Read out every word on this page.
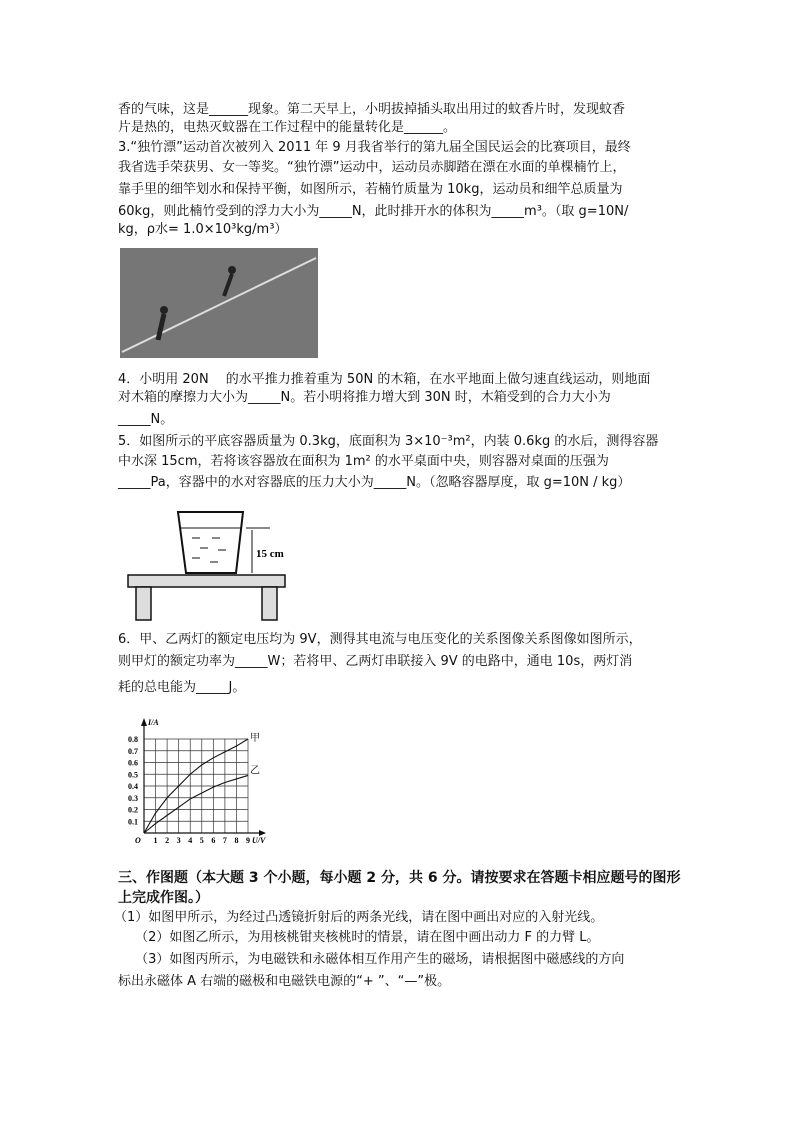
香的气味，这是______现象。第二天早上，小明拔掉插头取出用过的蚊香片时，发现蚊香
片是热的，电热灭蚊器在工作过程中的能量转化是______。
3.“独竹漂”运动首次被列入 2011 年 9 月我省举行的第九届全国民运会的比赛项目，最终
我省选手荣获男、女一等奖。“独竹漂”运动中，运动员赤脚踏在漂在水面的单棵楠竹上，
靠手里的细竿划水和保持平衡，如图所示，若楠竹质量为 10kg，运动员和细竿总质量为
60kg，则此楠竹受到的浮力大小为_____N，此时排开水的体积为_____m³。（取 g=10N/
kg，ρ水= 1.0×10³kg/m³）
4．小明用 20N　 的水平推力推着重为 50N 的木箱，在水平地面上做匀速直线运动，则地面
对木箱的摩擦力大小为_____N。若小明将推力增大到 30N 时，木箱受到的合力大小为
_____N。
5．如图所示的平底容器质量为 0.3kg，底面积为 3×10⁻³m²，内装 0.6kg 的水后，测得容器
中水深 15cm，若将该容器放在面积为 1m² 的水平桌面中央，则容器对桌面的压强为
_____Pa，容器中的水对容器底的压力大小为_____N。（忽略容器厚度，取 g=10N / kg）
15 cm
6．甲、乙两灯的额定电压均为 9V，测得其电流与电压变化的关系图像关系图像如图所示，
则甲灯的额定功率为_____W；若将甲、乙两灯串联接入 9V 的电路中，通电 10s，两灯消
耗的总电能为_____J。
1 2 3 4 5 6 7 8 9
0.1
0.2
0.3
0.4
0.5
0.6
0.7
0.8
O	U/V
I/A
甲
乙
三、作图题（本大题 3 个小题，每小题 2 分，共 6 分。请按要求在答题卡相应题号的图形
上完成作图。）
（1）如图甲所示，为经过凸透镜折射后的两条光线，请在图中画出对应的入射光线。
　 （2）如图乙所示，为用核桃钳夹核桃时的情景，请在图中画出动力 F 的力臂 L。
　 （3）如图丙所示，为电磁铁和永磁体相互作用产生的磁场，请根据图中磁感线的方向
标出永磁体 A 右端的磁极和电磁铁电源的“+ ”、“—”极。
